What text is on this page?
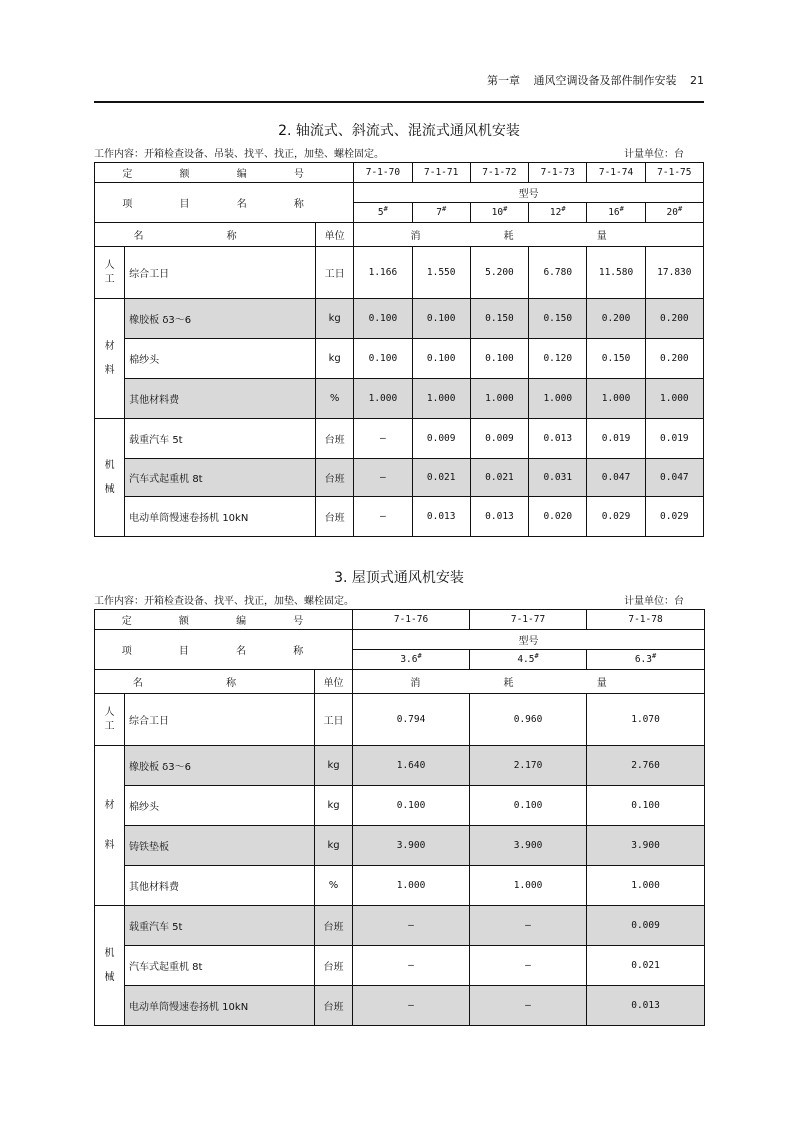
第一章 通风空调设备及部件制作安装 21
2. 轴流式、斜流式、混流式通风机安装
工作内容：开箱检查设备、吊装、找平、找正，加垫、螺栓固定。	计量单位：台
定 额 编 号			7-1-70	7-1-71	7-1-72	7-1-73	7-1-74	7-1-75
项 目 名 称			型号					
			5#	7#	10#	12#	16#	20#
名 称		单位	消 耗 量					
人工	综合工日	工日	1.166	1.550	5.200	6.780	11.580	17.830
材料	橡胶板 δ3～6	kg	0.100	0.100	0.150	0.150	0.200	0.200
	棉纱头	kg	0.100	0.100	0.100	0.120	0.150	0.200
	其他材料费	%	1.000	1.000	1.000	1.000	1.000	1.000
机械	载重汽车 5t	台班	—	0.009	0.009	0.013	0.019	0.019
	汽车式起重机 8t	台班	—	0.021	0.021	0.031	0.047	0.047
	电动单筒慢速卷扬机 10kN	台班	—	0.013	0.013	0.020	0.029	0.029
3. 屋顶式通风机安装
工作内容：开箱检查设备、找平、找正，加垫、螺栓固定。	计量单位：台
定 额 编 号			7-1-76	7-1-77	7-1-78
项 目 名 称			型号		
			3.6#	4.5#	6.3#
名 称		单位	消 耗 量		
人工	综合工日	工日	0.794	0.960	1.070
材料	橡胶板 δ3～6	kg	1.640	2.170	2.760
	棉纱头	kg	0.100	0.100	0.100
	铸铁垫板	kg	3.900	3.900	3.900
	其他材料费	%	1.000	1.000	1.000
机械	载重汽车 5t	台班	—	—	0.009
	汽车式起重机 8t	台班	—	—	0.021
	电动单筒慢速卷扬机 10kN	台班	—	—	0.013
